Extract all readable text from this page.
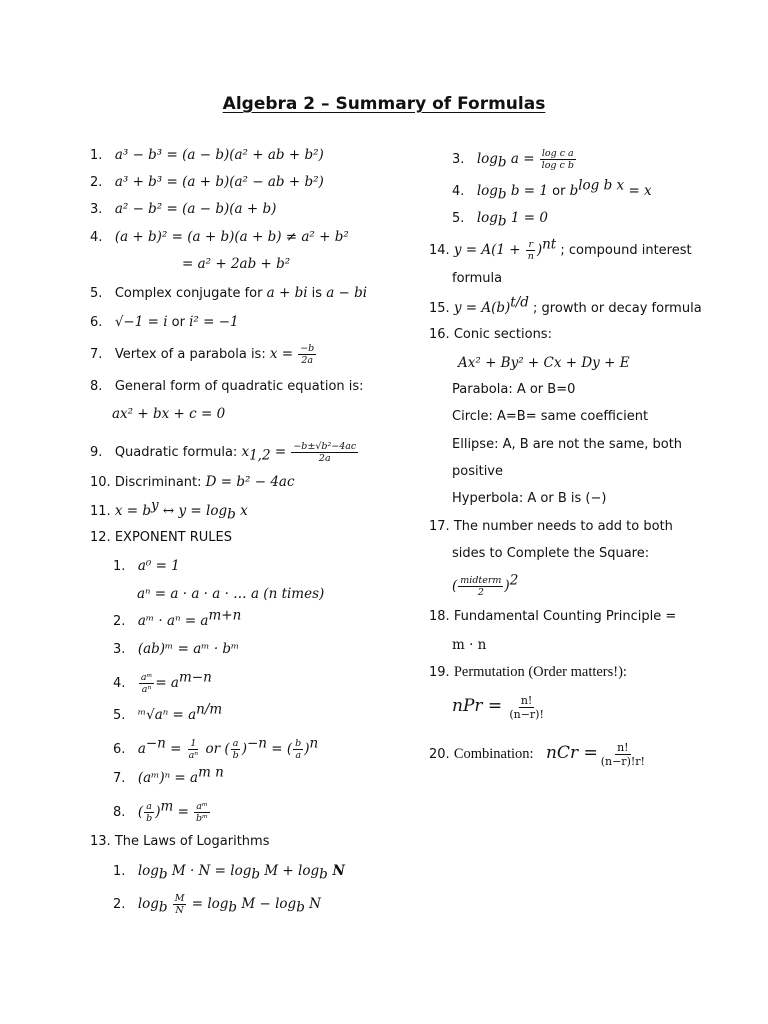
Algebra 2 – Summary of Formulas
1. a³ − b³ = (a − b)(a² + ab + b²)
2. a³ + b³ = (a + b)(a² − ab + b²)
3. a² − b² = (a − b)(a + b)
4. (a + b)² = (a + b)(a + b) ≠ a² + b²
= a² + 2ab + b²
5. Complex conjugate for a + bi is a − bi
6. √−1 = i or i² = −1
7. Vertex of a parabola is: $x = \frac{-b}{2a}$
8. General form of quadratic equation is:
ax² + bx + c = 0
9. Quadratic formula: $x_{1,2} = \frac{\text{−b±√b²−4ac}}{2a}$
10. Discriminant: D = b² − 4ac
11. $x = b^y$ ↔ $y = \log_b x$
12. EXPONENT RULES
1. a⁰ = 1
aⁿ = a · a · a · … a (n times)
2. aᵐ · $a^n = a^{m+n}$
3. (ab)ᵐ = aᵐ · bᵐ
4. $\frac{\text{aᵐ}}{\text{aⁿ}} = a^{m-n}$
5. ᵐ√aⁿ = $a^{n/m}$
6. $a^{-n} = \frac{1}{\text{aⁿ}}$ or ( $\frac{a}{b} )^{-n}$ = ( $\frac{b}{a} )^n$
7. (aᵐ)ⁿ = $a^{m n}$
8. ( $\frac{a}{b} )^m = \frac{\text{aᵐ}}{\text{bᵐ}}$
13. The Laws of Logarithms
1. $\log_b M \cdot N = \log_b M + \log_b N$
2. $\log_b \frac{M}{N} = \log_b M - \log_b N$
3. $\log_b a = \frac{\text{log c a}}{\text{log c b}}$
4. $\log_b b = 1$ or $b^{log b x} = x$
5. $\log_b 1 = 0$
14. $y = A(1 + \frac{r}{n} )^{nt}$ ; compound interest
formula
15. $y = A(b)^{t/d}$ ; growth or decay formula
16. Conic sections:
Ax² + By² + Cx + Dy + E
Parabola: A or B=0
Circle: A=B= same coefficient
Ellipse: A, B are not the same, both
positive
Hyperbola: A or B is (−)
17. The number needs to add to both
sides to Complete the Square:
( $\frac{\text{midterm}}{2} )^2$
18. Fundamental Counting Principle =
m · n
19. Permutation (Order matters!):
nPr = $\frac{n!}{(n-r)!}$
20. Combination: nCr = $\frac{n!}{(n-r)!r!}$
